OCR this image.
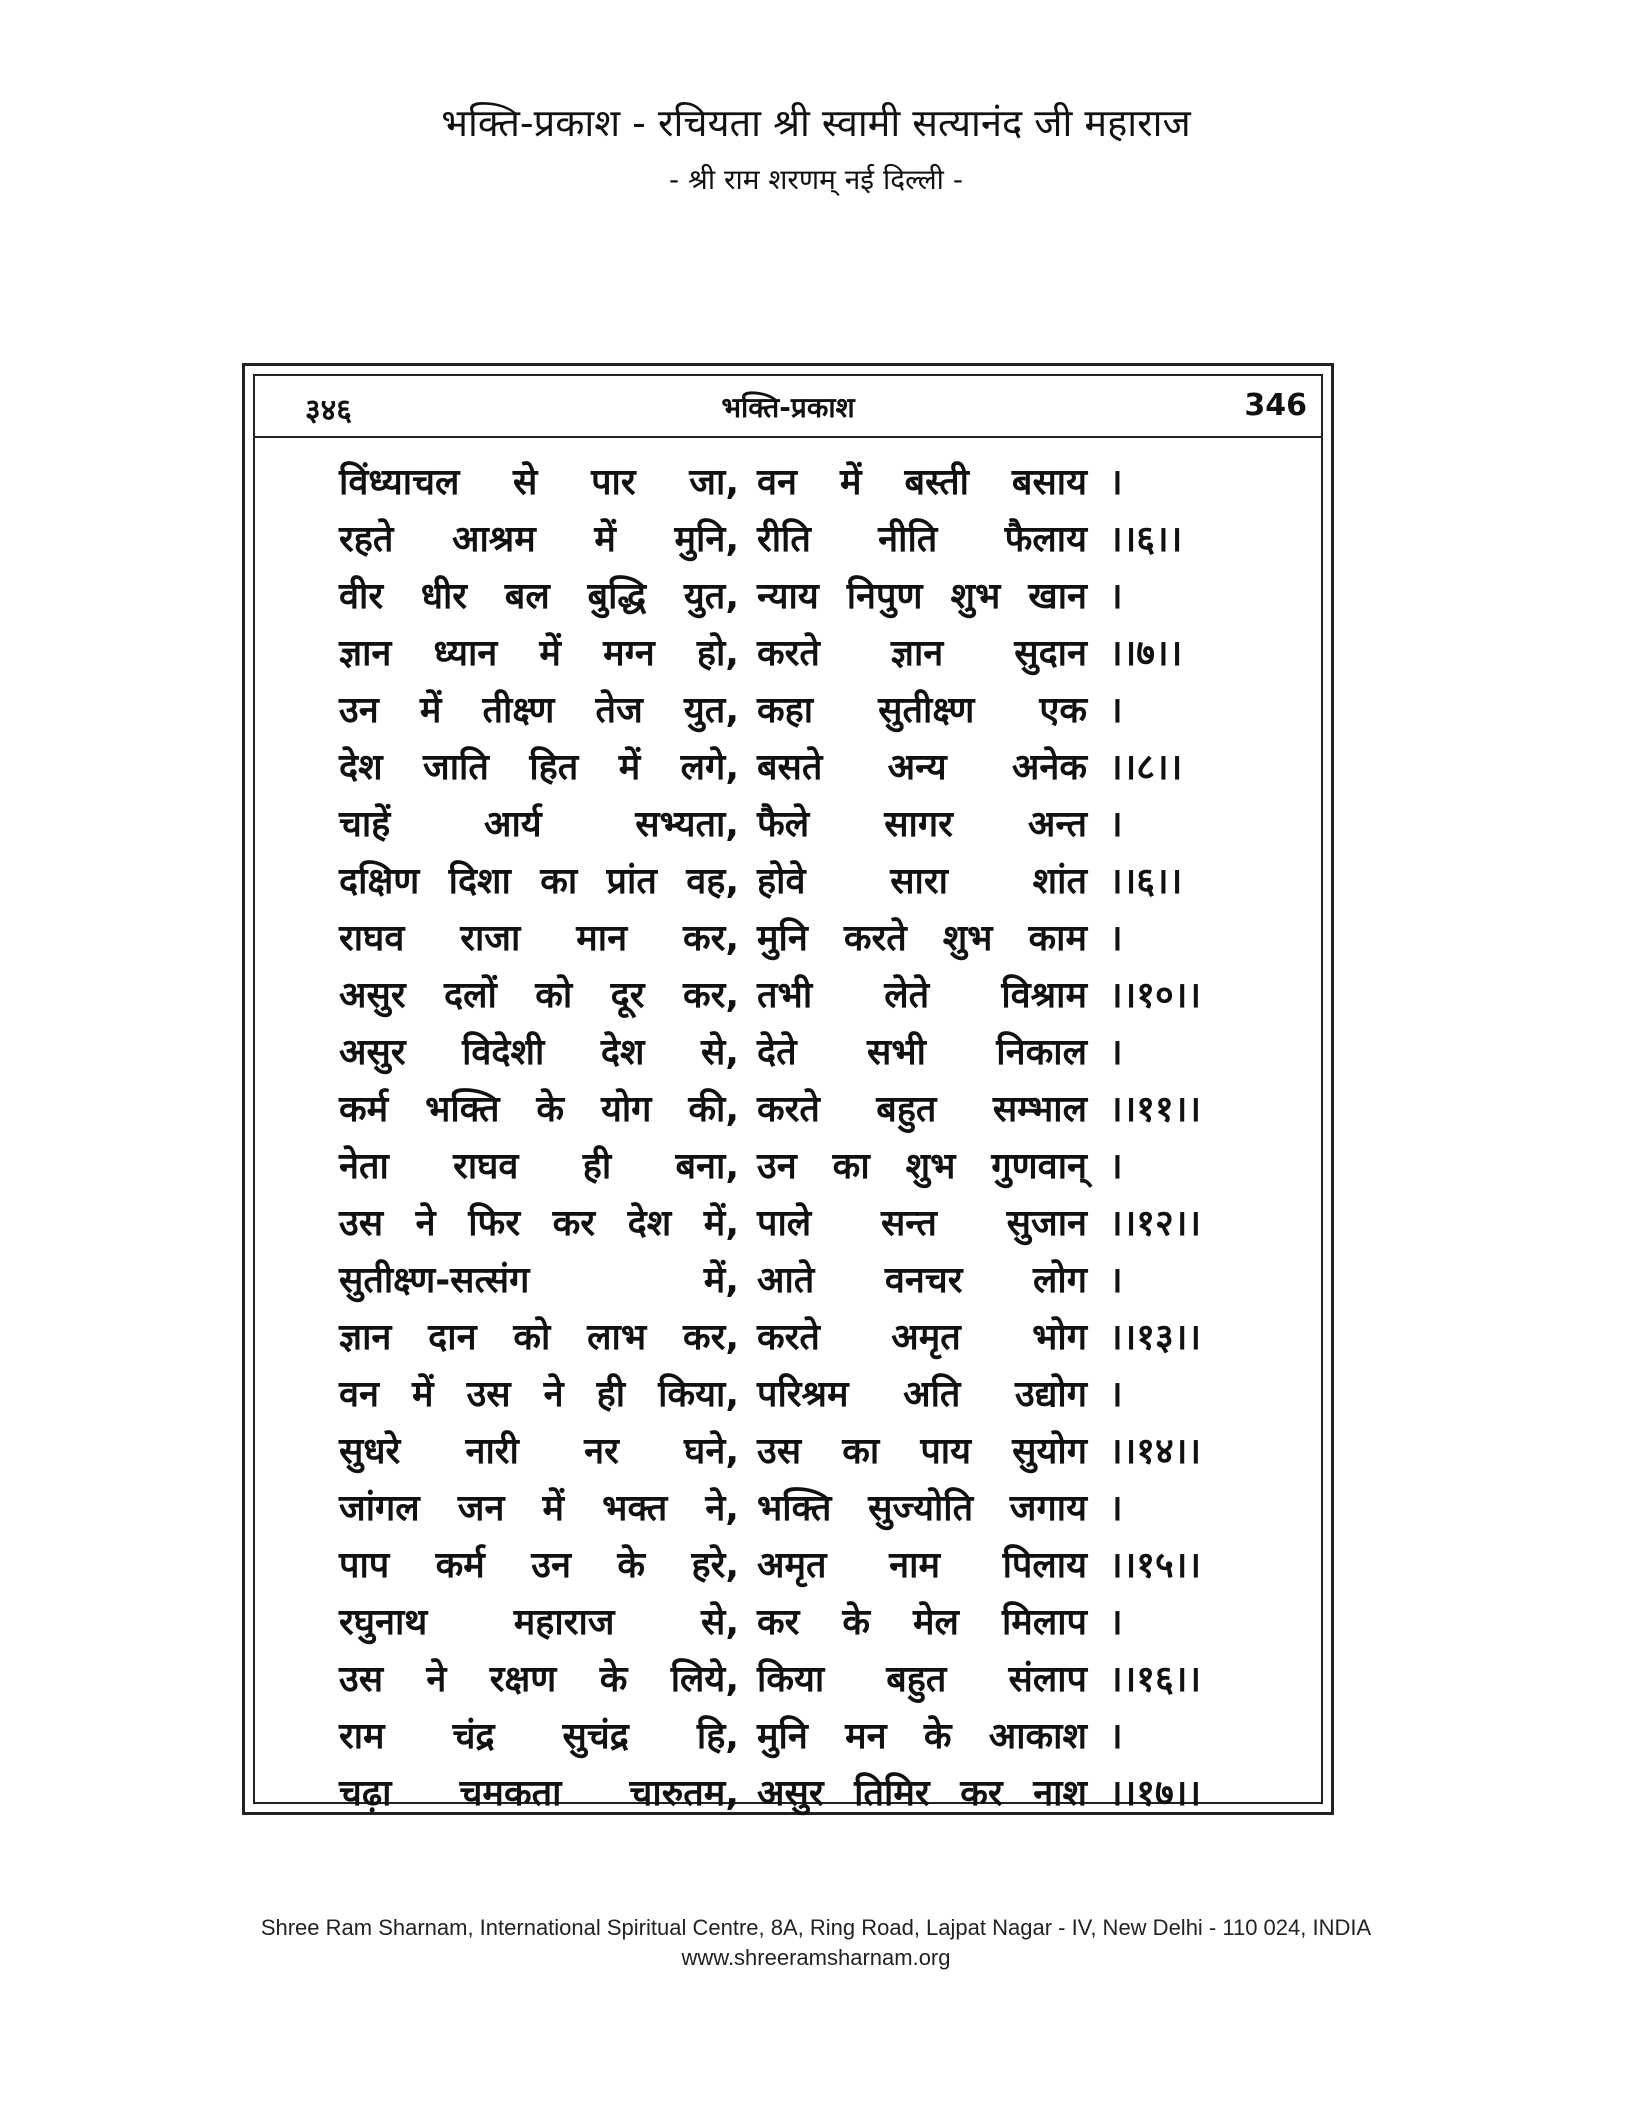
भक्ति-प्रकाश - रचियता श्री स्वामी सत्यानंद जी महाराज
- श्री राम शरणम् नई दिल्ली -
३४६	भक्ति-प्रकाश	346
विंध्याचल से पार जा, वन में बस्ती बसाय ।
रहते आश्रम में मुनि, रीति नीति फैलाय ।।६।।
वीर धीर बल बुद्धि युत, न्याय निपुण शुभ खान ।
ज्ञान ध्यान में मग्न हो, करते ज्ञान सुदान ।।७।।
उन में तीक्ष्ण तेज युत, कहा सुतीक्ष्ण एक ।
देश जाति हित में लगे, बसते अन्य अनेक ।।८।।
चाहें आर्य सभ्यता, फैले सागर अन्त ।
दक्षिण दिशा का प्रांत वह, होवे सारा शांत ।।६।।
राघव राजा मान कर, मुनि करते शुभ काम ।
असुर दलों को दूर कर, तभी लेते विश्राम ।।१०।।
असुर विदेशी देश से, देते सभी निकाल ।
कर्म भक्ति के योग की, करते बहुत सम्भाल ।।११।।
नेता राघव ही बना, उन का शुभ गुणवान् ।
उस ने फिर कर देश में, पाले सन्त सुजान ।।१२।।
सुतीक्ष्ण-सत्संग में, आते वनचर लोग ।
ज्ञान दान को लाभ कर, करते अमृत भोग ।।१३।।
वन में उस ने ही किया, परिश्रम अति उद्योग ।
सुधरे नारी नर घने, उस का पाय सुयोग ।।१४।।
जांगल जन में भक्त ने, भक्ति सुज्योति जगाय ।
पाप कर्म उन के हरे, अमृत नाम पिलाय ।।१५।।
रघुनाथ महाराज से, कर के मेल मिलाप ।
उस ने रक्षण के लिये, किया बहुत संलाप ।।१६।।
राम चंद्र सुचंद्र हि, मुनि मन के आकाश ।
चढ़ा चमकता चारुतम, असुर तिमिर कर नाश ।।१७।।
Shree Ram Sharnam, International Spiritual Centre, 8A, Ring Road, Lajpat Nagar - IV, New Delhi - 110 024, INDIA
www.shreeramsharnam.org
